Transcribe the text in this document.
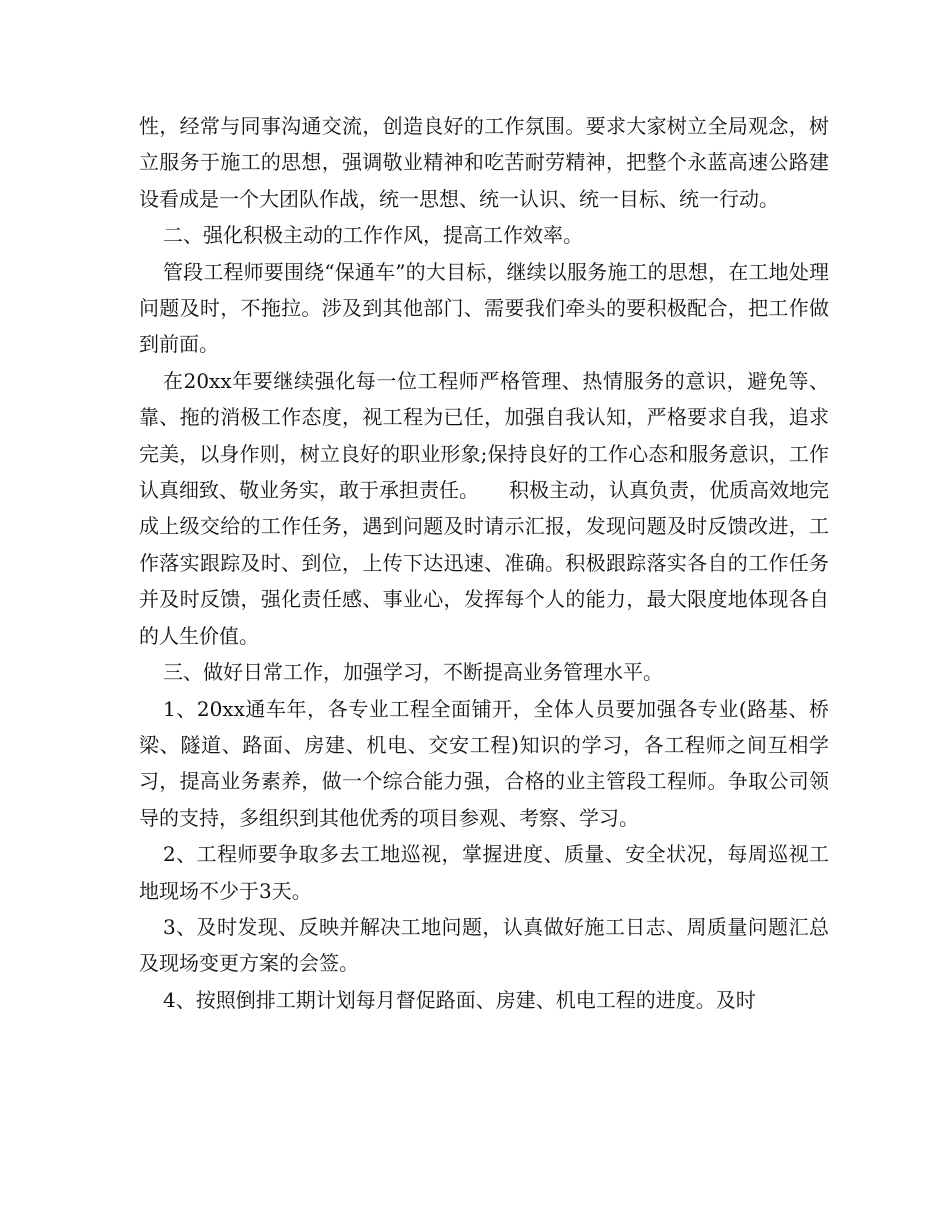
性，经常与同事沟通交流，创造良好的工作氛围。要求大家树立全局观念，树立服务于施工的思想，强调敬业精神和吃苦耐劳精神，把整个永蓝高速公路建设看成是一个大团队作战，统一思想、统一认识、统一目标、统一行动。

二、强化积极主动的工作作风，提高工作效率。

管段工程师要围绕“保通车”的大目标，继续以服务施工的思想，在工地处理问题及时，不拖拉。涉及到其他部门、需要我们牵头的要积极配合，把工作做到前面。

在20xx年要继续强化每一位工程师严格管理、热情服务的意识，避免等、靠、拖的消极工作态度，视工程为已任，加强自我认知，严格要求自我，追求完美，以身作则，树立良好的职业形象;保持良好的工作心态和服务意识，工作认真细致、敬业务实，敢于承担责任。　　积极主动，认真负责，优质高效地完成上级交给的工作任务，遇到问题及时请示汇报，发现问题及时反馈改进，工作落实跟踪及时、到位，上传下达迅速、准确。积极跟踪落实各自的工作任务并及时反馈，强化责任感、事业心，发挥每个人的能力，最大限度地体现各自的人生价值。

三、做好日常工作，加强学习，不断提高业务管理水平。

1、20xx通车年，各专业工程全面铺开，全体人员要加强各专业(路基、桥梁、隧道、路面、房建、机电、交安工程)知识的学习，各工程师之间互相学习，提高业务素养，做一个综合能力强，合格的业主管段工程师。争取公司领导的支持，多组织到其他优秀的项目参观、考察、学习。

2、工程师要争取多去工地巡视，掌握进度、质量、安全状况，每周巡视工地现场不少于3天。

3、及时发现、反映并解决工地问题，认真做好施工日志、周质量问题汇总及现场变更方案的会签。

4、按照倒排工期计划每月督促路面、房建、机电工程的进度。及时
